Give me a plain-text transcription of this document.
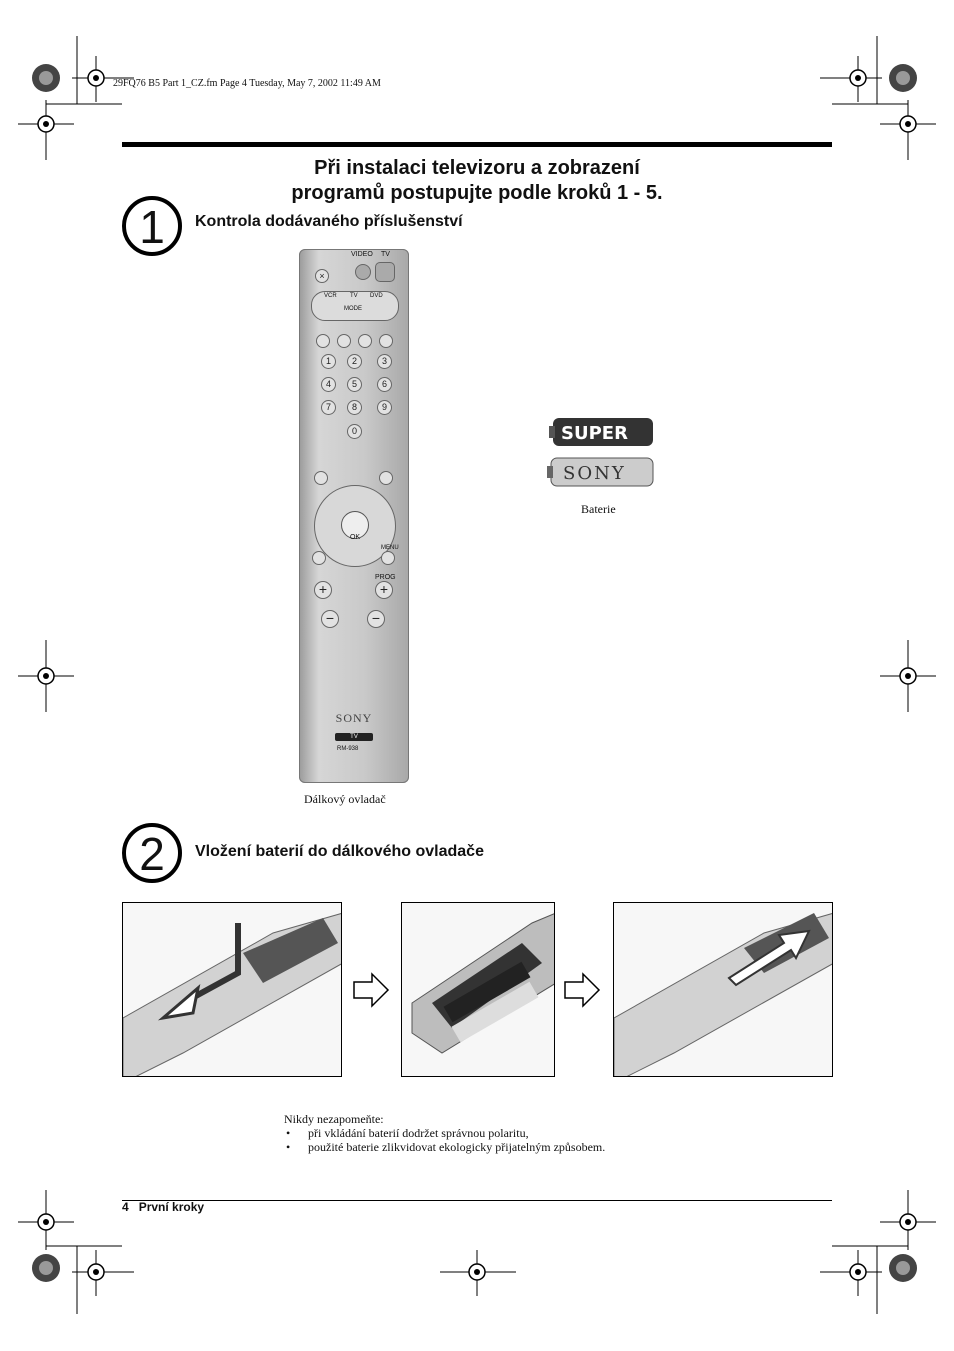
29FQ76 B5 Part 1_CZ.fm Page 4 Tuesday, May 7, 2002 11:49 AM
Při instalaci televizoru a zobrazení
programů postupujte podle kroků 1 - 5.
1	Kontrola dodávaného příslušenství
×
VIDEO TV
VCR TV DVD
MODE
1	2	3
4	5	6
7	8	9
0
$_{OK}$
MENU
PROG
+	+
−	−
SONY
TV
RM-938
Dálkový ovladač
SUPER
SONY
Baterie
2	Vložení baterií do dálkového ovladače
Nikdy nezapomeňte:
• při vkládání baterií dodržet správnou polaritu,
• použité baterie zlikvidovat ekologicky přijatelným způsobem.
4 První kroky
